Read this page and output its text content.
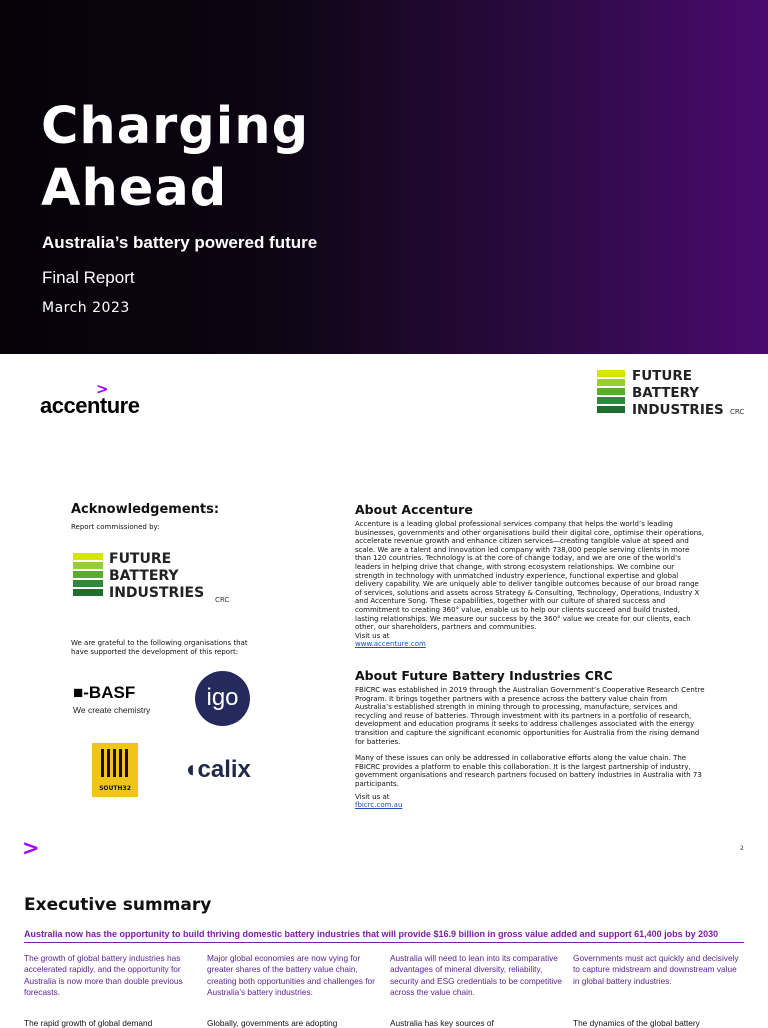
Charging Ahead
Australia’s battery powered future
Final Report
March 2023
>
accenture
FUTURE
BATTERY
INDUSTRIES CRC
Acknowledgements:
Report commissioned by:
FUTURE
BATTERY
INDUSTRIES CRC
We are grateful to the following organisations that have supported the development of this report:
■-BASF
We create chemistry	igo
SOUTH32
◖calix
About Accenture

Accenture is a leading global professional services company that helps the world’s leading businesses, governments and other organisations build their digital core, optimise their operations, accelerate revenue growth and enhance citizen services—creating tangible value at speed and scale. We are a talent and innovation led company with 738,000 people serving clients in more than 120 countries. Technology is at the core of change today, and we are one of the world’s leaders in helping drive that change, with strong ecosystem relationships. We combine our strength in technology with unmatched industry experience, functional expertise and global delivery capability. We are uniquely able to deliver tangible outcomes because of our broad range of services, solutions and assets across Strategy & Consulting, Technology, Operations, Industry X and Accenture Song. These capabilities, together with our culture of shared success and commitment to creating 360° value, enable us to help our clients succeed and build trusted, lasting relationships. We measure our success by the 360° value we create for our clients, each other, our shareholders, partners and communities.

Visit us at

www.accenture.com
About Future Battery Industries CRC

FBICRC was established in 2019 through the Australian Government’s Cooperative Research Centre Program. It brings together partners with a presence across the battery value chain from Australia’s established strength in mining through to processing, manufacture, services and recycling and reuse of batteries. Through investment with its partners in a portfolio of research, development and education programs it seeks to address challenges associated with the energy transition and capture the significant economic opportunities for Australia from the rising demand for batteries.

Many of these issues can only be addressed in collaborative efforts along the value chain. The FBICRC provides a platform to enable this collaboration. It is the largest partnership of industry, government organisations and research partners focused on battery industries in Australia with 73 participants.

Visit us at

fbicrc.com.au
>	2
Executive summary
Australia now has the opportunity to build thriving domestic battery industries that will provide $16.9 billion in gross value added and support 61,400 jobs by 2030
The growth of global battery industries has accelerated rapidly, and the opportunity for Australia is now more than double previous forecasts.
Major global economies are now vying for greater shares of the battery value chain, creating both opportunities and challenges for Australia’s battery industries.
Australia will need to lean into its comparative advantages of mineral diversity, reliability, security and ESG credentials to be competitive across the value chain.
Governments must act quickly and decisively to capture midstream and downstream value in global battery industries.
The rapid growth of global demand	Globally, governments are adopting	Australia has key sources of	The dynamics of the global battery
